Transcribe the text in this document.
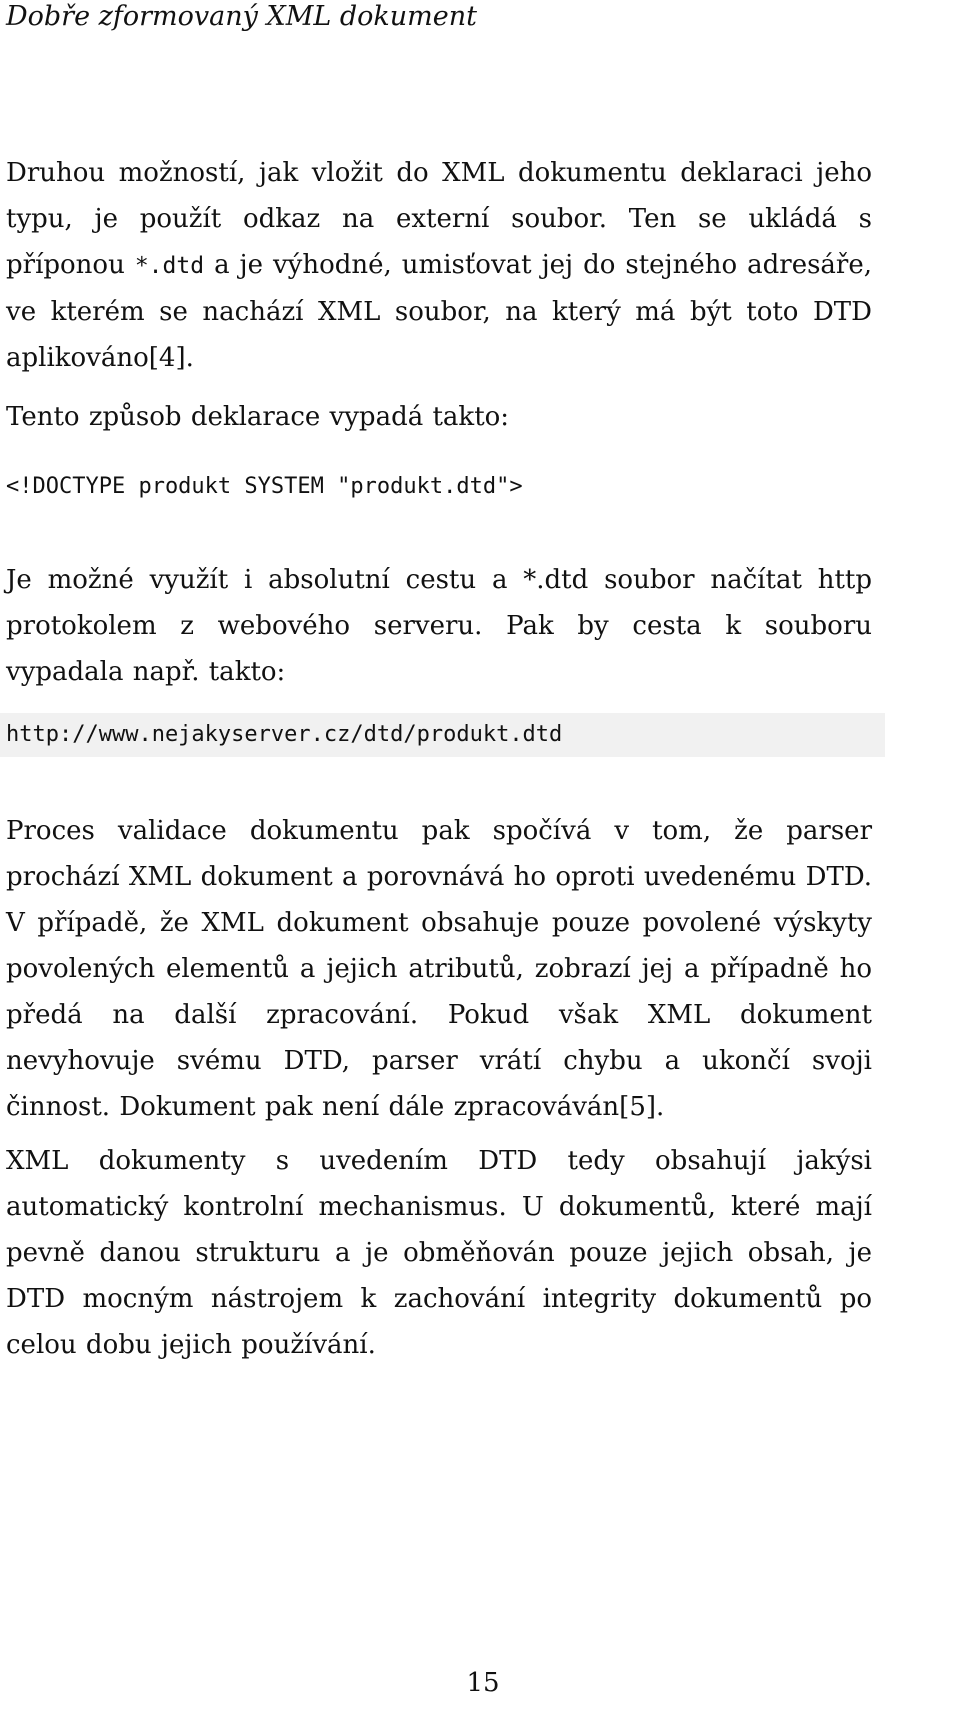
Dobře zformovaný XML dokument
Druhou možností, jak vložit do XML dokumentu deklaraci jeho typu, je použít odkaz na externí soubor. Ten se ukládá s příponou *.dtd a je výhodné, umisťovat jej do stejného adresáře, ve kterém se nachází XML soubor, na který má být toto DTD aplikováno[4].
Tento způsob deklarace vypadá takto:
<!DOCTYPE produkt SYSTEM "produkt.dtd">
Je možné využít i absolutní cestu a *.dtd soubor načítat http protokolem z webového serveru. Pak by cesta k souboru vypadala např. takto:
http://www.nejakyserver.cz/dtd/produkt.dtd
Proces validace dokumentu pak spočívá v tom, že parser prochází XML dokument a porovnává ho oproti uvedenému DTD. V případě, že XML dokument obsahuje pouze povolené výskyty povolených elementů a jejich atributů, zobrazí jej a případně ho předá na další zpracování. Pokud však XML dokument nevyhovuje svému DTD, parser vrátí chybu a ukončí svoji činnost. Dokument pak není dále zpracováván[5].
XML dokumenty s uvedením DTD tedy obsahují jakýsi automatický kontrolní mechanismus. U dokumentů, které mají pevně danou strukturu a je obměňován pouze jejich obsah, je DTD mocným nástrojem k zachování integrity dokumentů po celou dobu jejich používání.
15
